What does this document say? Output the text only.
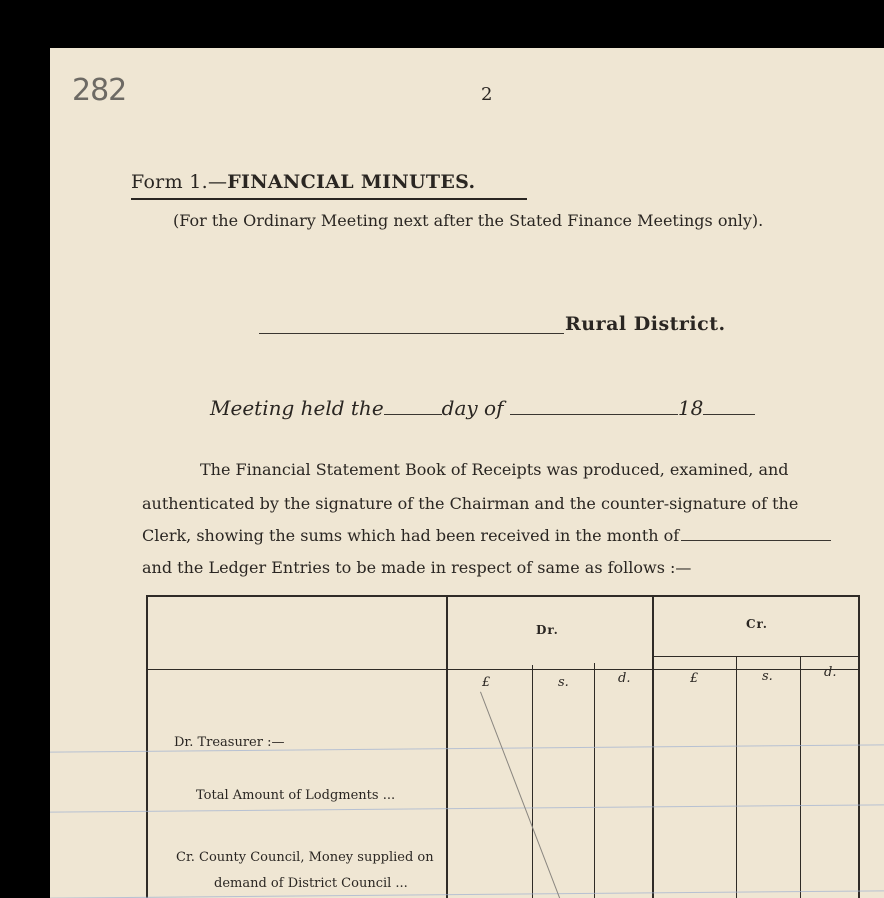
282	2
Form 1.—FINANCIAL MINUTES.
(For the Ordinary Meeting next after the Stated Finance Meetings only).
Rural District.
Meeting held the	day of	18
The Financial Statement Book of Receipts was produced, examined, and
authenticated by the signature of the Chairman and the counter-signature of the
Clerk, showing the sums which had been received in the month of
and the Ledger Entries to be made in respect of same as follows :—
Dr.	Cr.
£	s.	d.	£	s.	d.
Dr. Treasurer :—
Total Amount of Lodgments ...
Cr. County Council, Money supplied on
demand of District Council ...
